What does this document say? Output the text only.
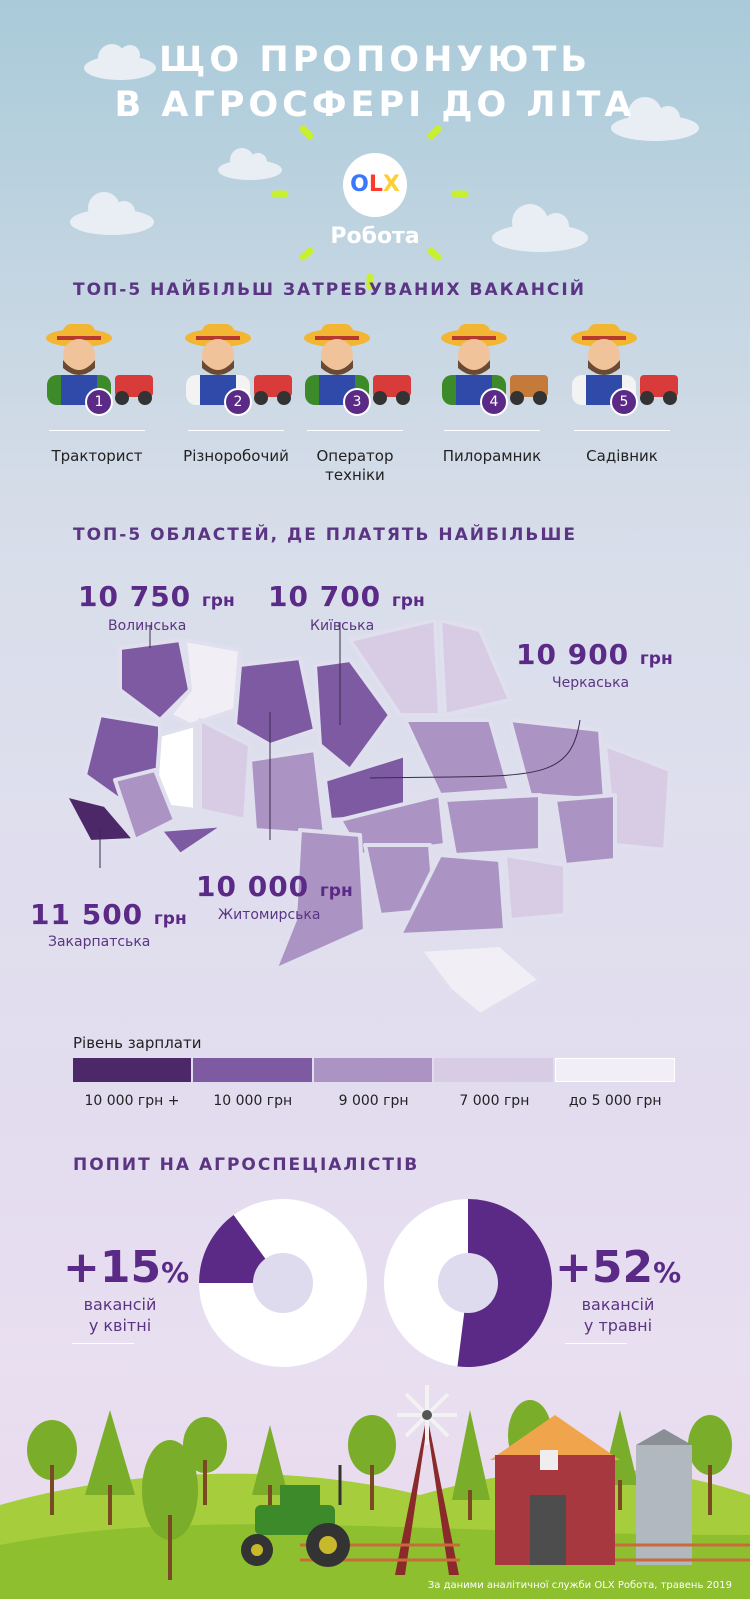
ЩО ПРОПОНУЮТЬ
В АГРОСФЕРІ ДО ЛІТА
OLX
Робота
ТОП-5 НАЙБІЛЬШ ЗАТРЕБУВАНИХ ВАКАНСІЙ
1
Тракторист
2
Різноробочий
3
Оператор техніки
4
Пилорамник
5
Садівник
ТОП-5 ОБЛАСТЕЙ, ДЕ ПЛАТЯТЬ НАЙБІЛЬШЕ
10 750 грн
Волинська
10 700 грн
Київська
10 900 грн
Черкаська
10 000 грн
Житомирська
11 500 грн
Закарпатська
Рівень зарплати
10 000 грн +	10 000 грн	9 000 грн	7 000 грн	до 5 000 грн
ПОПИТ НА АГРОСПЕЦІАЛІСТІВ
+15%
вакансій
у квітні
+52%
вакансій
у травні
За даними аналітичної служби OLX Робота, травень 2019
